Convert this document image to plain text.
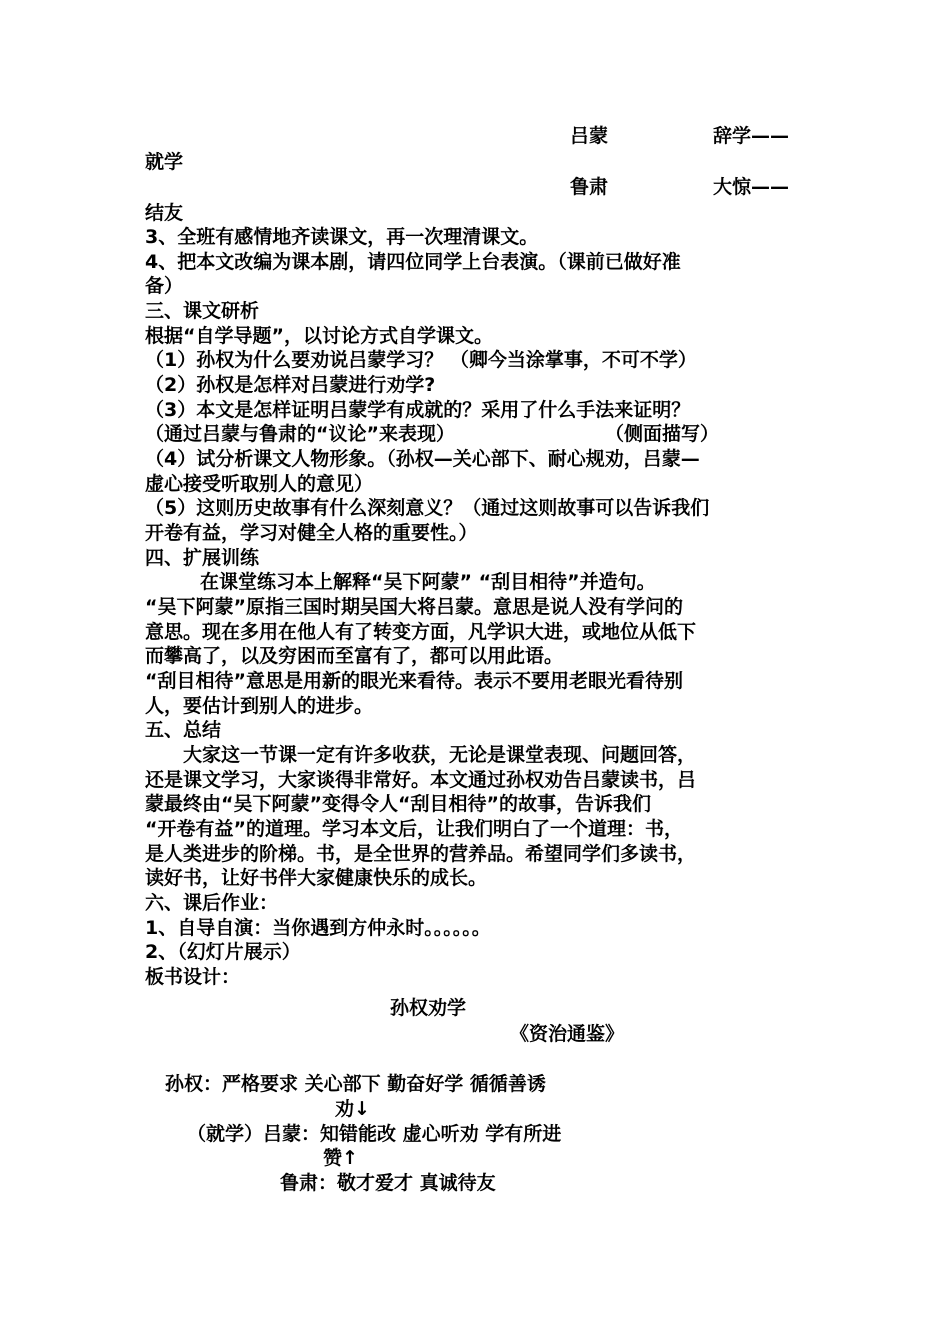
吕蒙	辞学——
就学
鲁肃	大惊——
结友
3、全班有感情地齐读课文，再一次理清课文。
4、把本文改编为课本剧，请四位同学上台表演。（课前已做好准
备）
三、课文研析
根据“自学导题”，以讨论方式自学课文。
（1）孙权为什么要劝说吕蒙学习？ （卿今当涂掌事，不可不学）
（2）孙权是怎样对吕蒙进行劝学?
（3）本文是怎样证明吕蒙学有成就的？采用了什么手法来证明？
（通过吕蒙与鲁肃的“议论”来表现）	（侧面描写）
（4）试分析课文人物形象。（孙权—关心部下、耐心规劝，吕蒙—
虚心接受听取别人的意见）
（5）这则历史故事有什么深刻意义？（通过这则故事可以告诉我们
开卷有益，学习对健全人格的重要性。）
四、扩展训练
在课堂练习本上解释“吴下阿蒙” “刮目相待”并造句。
“吴下阿蒙”原指三国时期吴国大将吕蒙。意思是说人没有学问的
意思。现在多用在他人有了转变方面，凡学识大进，或地位从低下
而攀高了，以及穷困而至富有了，都可以用此语。
“刮目相待”意思是用新的眼光来看待。表示不要用老眼光看待别
人，要估计到别人的进步。
五、总结
大家这一节课一定有许多收获，无论是课堂表现、问题回答，
还是课文学习，大家谈得非常好。本文通过孙权劝告吕蒙读书，吕
蒙最终由“吴下阿蒙”变得令人“刮目相待”的故事，告诉我们
“开卷有益”的道理。学习本文后，让我们明白了一个道理：书，
是人类进步的阶梯。书，是全世界的营养品。希望同学们多读书，
读好书，让好书伴大家健康快乐的成长。
六、课后作业：
1、自导自演：当你遇到方仲永时。。。。。。
2、（幻灯片展示）
板书设计：
孙权劝学
《资治通鉴》
孙权：严格要求 关心部下 勤奋好学 循循善诱
劝↓
（就学）吕蒙：知错能改 虚心听劝 学有所进
赞↑
鲁肃：敬才爱才 真诚待友
